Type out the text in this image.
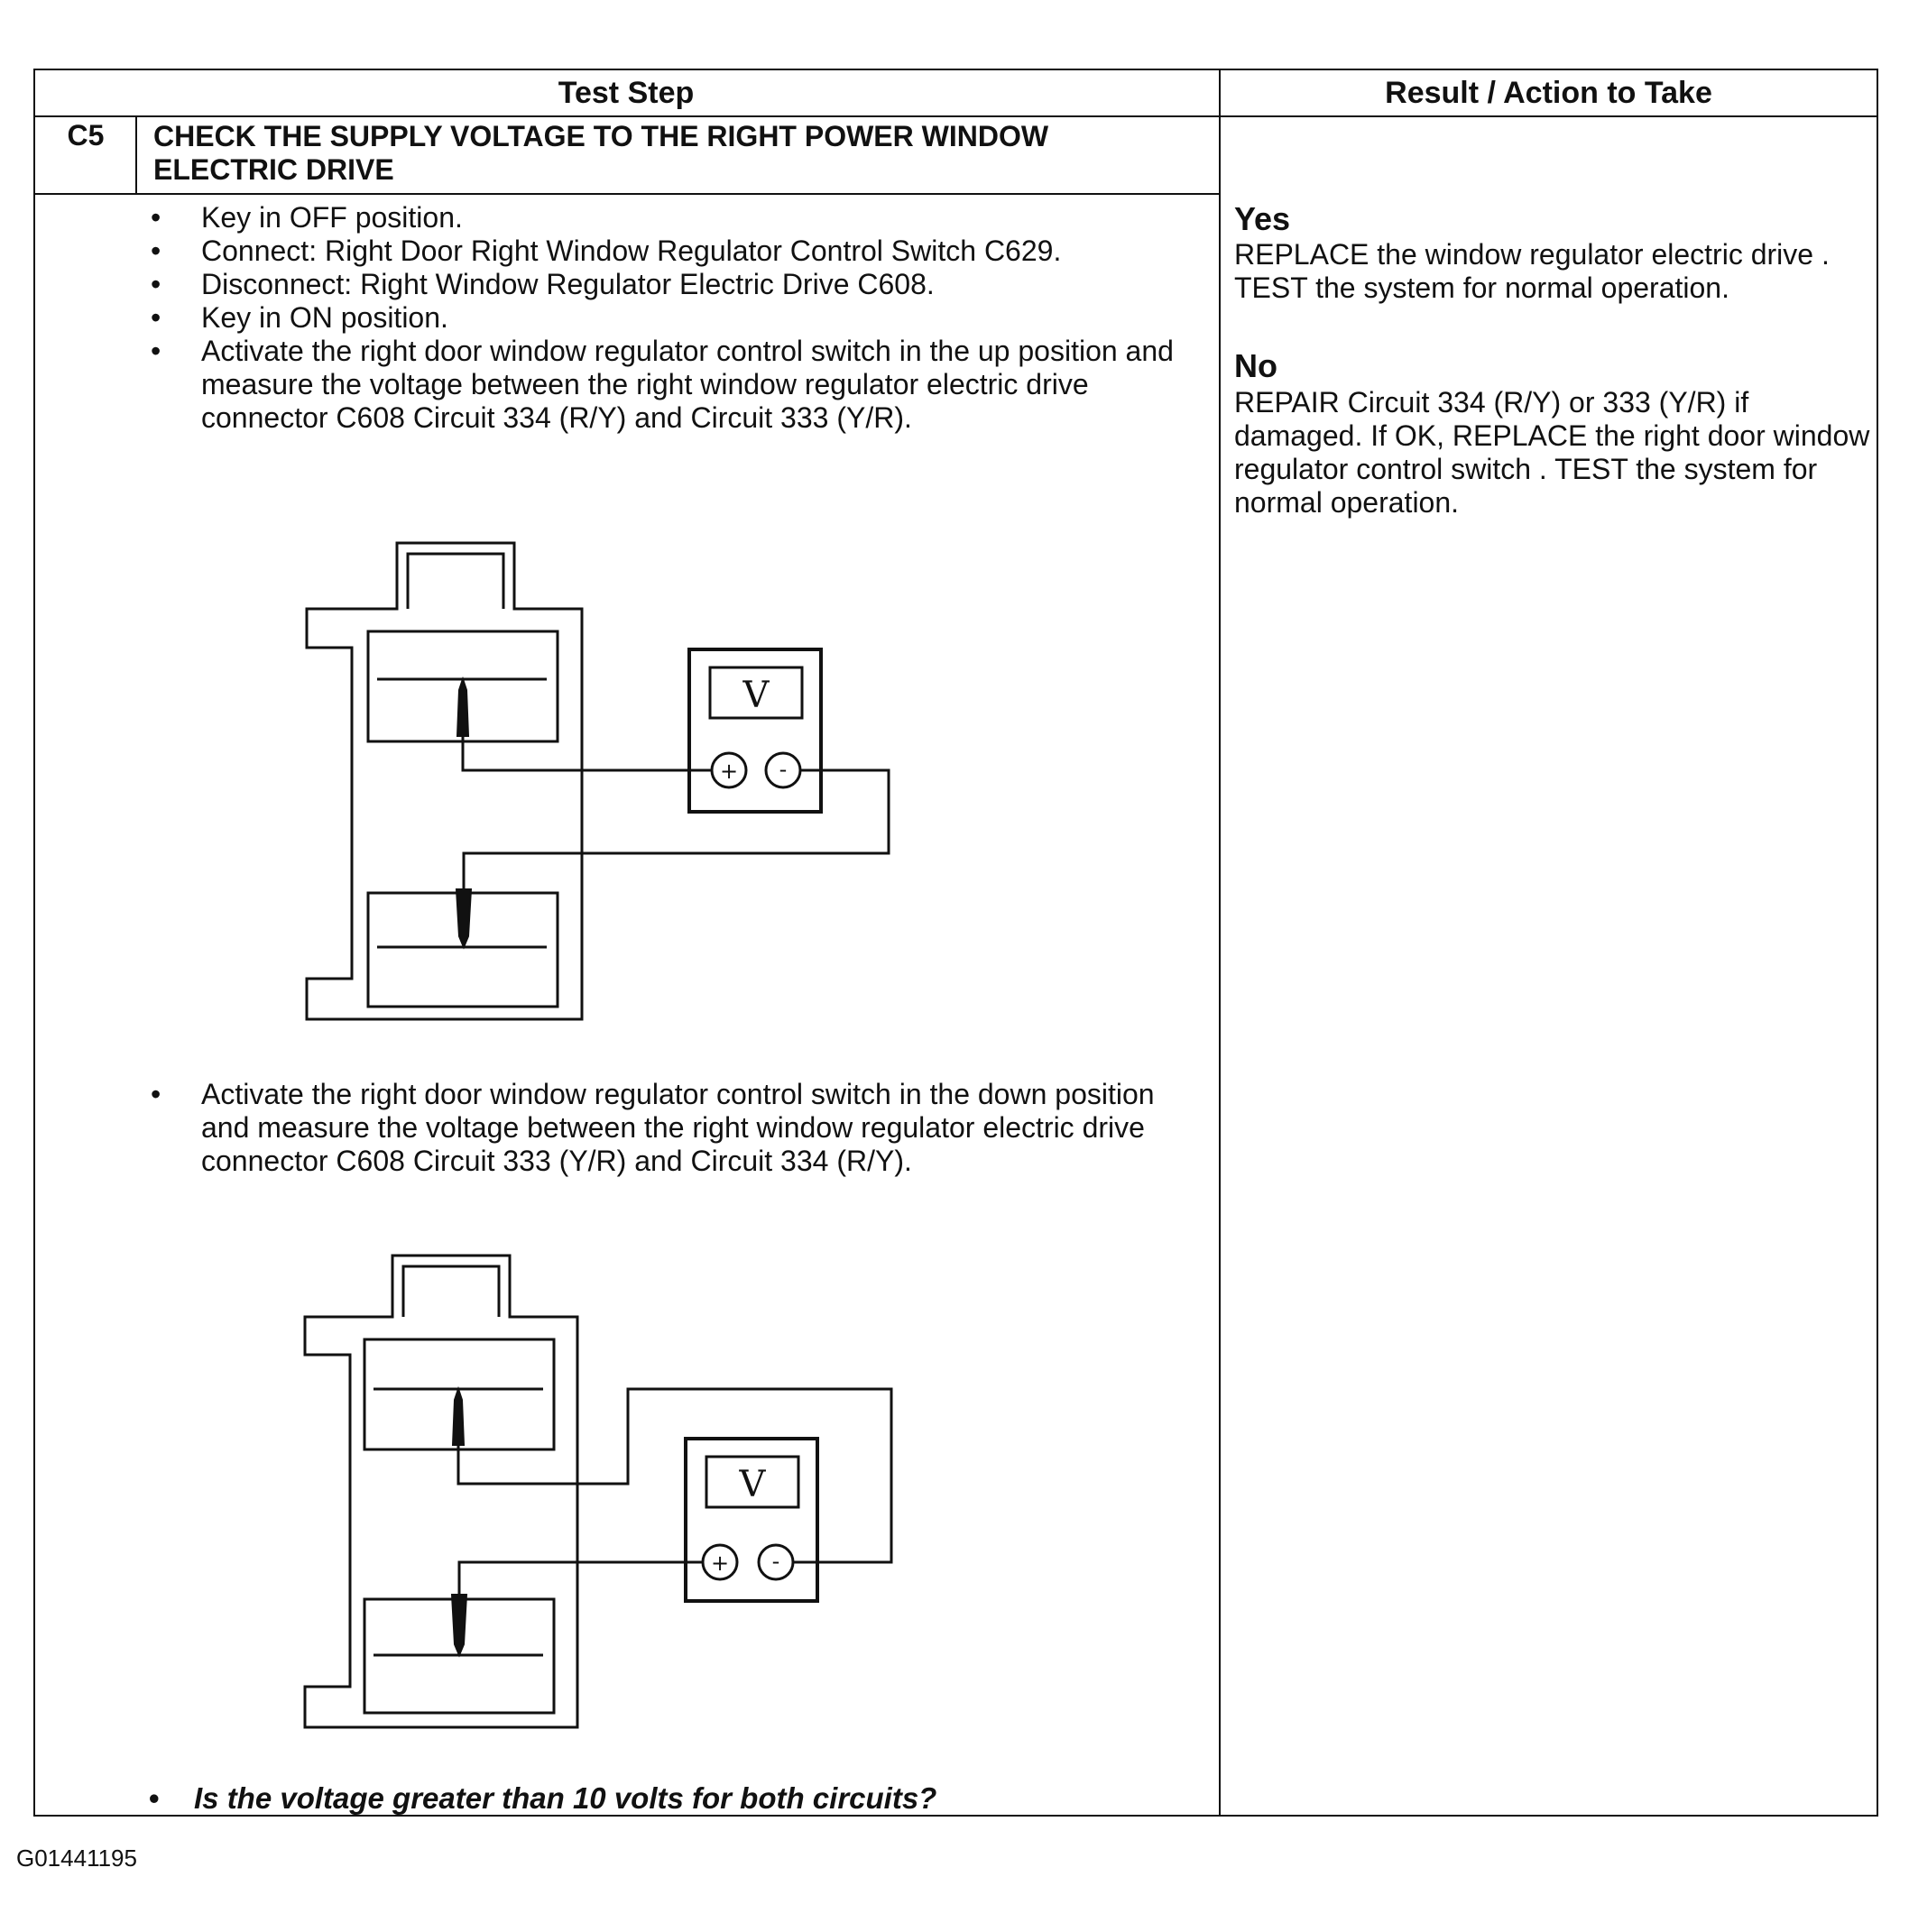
Test Step	Result / Action to Take
C5	CHECK THE SUPPLY VOLTAGE TO THE RIGHT POWER WINDOW ELECTRIC DRIVE
• Key in OFF position.
• Connect: Right Door Right Window Regulator Control Switch C629.
• Disconnect: Right Window Regulator Electric Drive C608.
• Key in ON position.
• Activate the right door window regulator control switch in the up position and measure the voltage between the right window regulator electric drive connector C608 Circuit 334 (R/Y) and Circuit 333 (Y/R).
V
+ -
• Activate the right door window regulator control switch in the down position and measure the voltage between the right window regulator electric drive connector C608 Circuit 333 (Y/R) and Circuit 334 (R/Y).
V
+ -
• Is the voltage greater than 10 volts for both circuits?
Yes
REPLACE the window regulator electric drive . TEST the system for normal operation.
No
REPAIR Circuit 334 (R/Y) or 333 (Y/R) if damaged. If OK, REPLACE the right door window regulator control switch . TEST the system for normal operation.
G01441195
